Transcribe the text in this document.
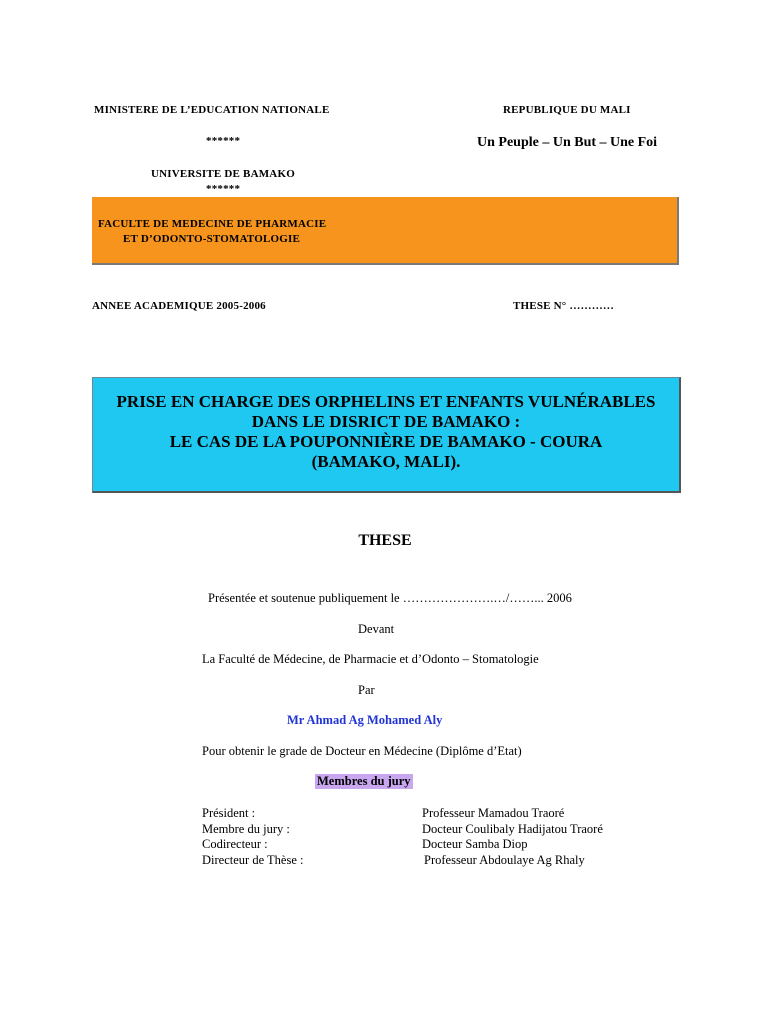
MINISTERE DE L’EDUCATION NATIONALE	REPUBLIQUE DU MALI
******	Un Peuple – Un But – Une Foi
UNIVERSITE DE BAMAKO
******
FACULTE DE MEDECINE DE PHARMACIE
ET D’ODONTO-STOMATOLOGIE
ANNEE ACADEMIQUE 2005-2006	THESE N° …………
PRISE EN CHARGE DES ORPHELINS ET ENFANTS VULNÉRABLES
DANS LE DISRICT DE BAMAKO :
LE CAS DE LA POUPONNIÈRE DE BAMAKO - COURA
(BAMAKO, MALI).
THESE
Présentée et soutenue publiquement le ………………….…/……... 2006
Devant
La Faculté de Médecine, de Pharmacie et d’Odonto – Stomatologie
Par
Mr Ahmad Ag Mohamed Aly
Pour obtenir le grade de Docteur en Médecine (Diplôme d’Etat)
Membres du jury
Président :	Professeur Mamadou Traoré
Membre du jury :	Docteur Coulibaly Hadijatou Traoré
Codirecteur :	Docteur Samba Diop
Directeur de Thèse :	Professeur Abdoulaye Ag Rhaly
